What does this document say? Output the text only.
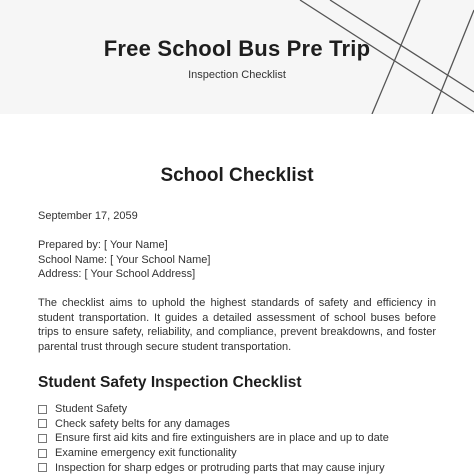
Free School Bus Pre Trip
Inspection Checklist
School Checklist
September 17, 2059
Prepared by: [ Your Name]
School Name: [ Your School Name]
Address: [ Your School Address]
The checklist aims to uphold the highest standards of safety and efficiency in student transportation. It guides a detailed assessment of school buses before trips to ensure safety, reliability, and compliance, prevent breakdowns, and foster parental trust through secure student transportation.
Student Safety Inspection Checklist
Student Safety
Check safety belts for any damages
Ensure first aid kits and fire extinguishers are in place and up to date
Examine emergency exit functionality
Inspection for sharp edges or protruding parts that may cause injury
